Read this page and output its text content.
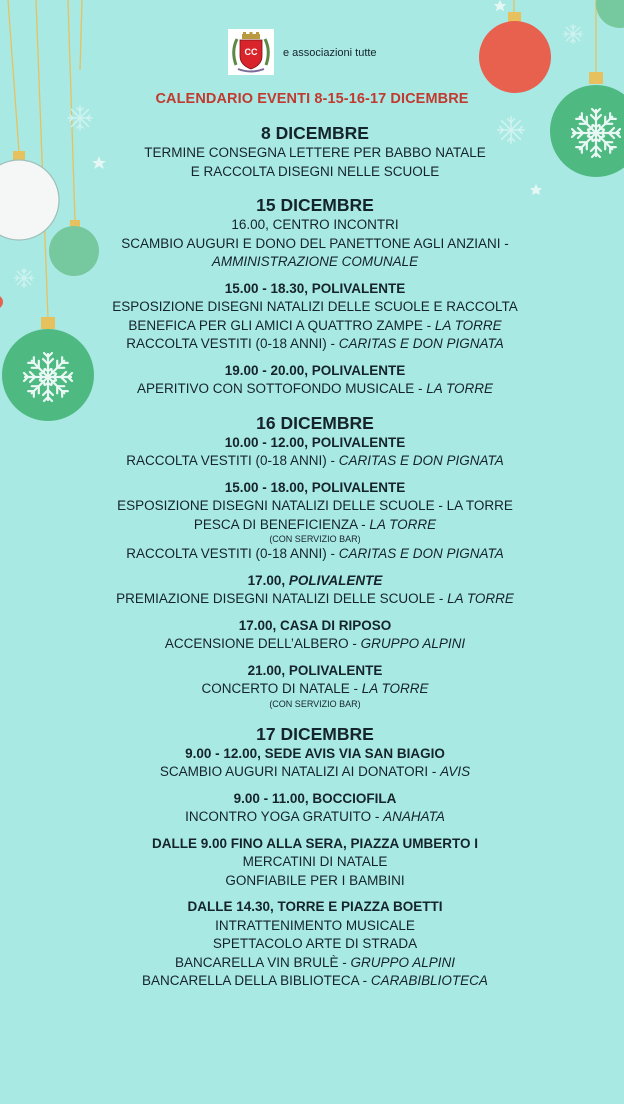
CC e associazioni tutte
CALENDARIO EVENTI 8-15-16-17 DICEMBRE
8 DICEMBRE
TERMINE CONSEGNA LETTERE PER BABBO NATALE
E RACCOLTA DISEGNI NELLE SCUOLE
15 DICEMBRE
16.00, CENTRO INCONTRI
SCAMBIO AUGURI E DONO DEL PANETTONE AGLI ANZIANI -
AMMINISTRAZIONE COMUNALE
15.00 - 18.30, POLIVALENTE
ESPOSIZIONE DISEGNI NATALIZI DELLE SCUOLE E RACCOLTA
BENEFICA PER GLI AMICI A QUATTRO ZAMPE - LA TORRE
RACCOLTA VESTITI (0-18 ANNI) - CARITAS E DON PIGNATA
19.00 - 20.00, POLIVALENTE
APERITIVO CON SOTTOFONDO MUSICALE - LA TORRE
16 DICEMBRE
10.00 - 12.00, POLIVALENTE
RACCOLTA VESTITI (0-18 ANNI) - CARITAS E DON PIGNATA
15.00 - 18.00, POLIVALENTE
ESPOSIZIONE DISEGNI NATALIZI DELLE SCUOLE - LA TORRE
PESCA DI BENEFICIENZA - LA TORRE
(CON SERVIZIO BAR)
RACCOLTA VESTITI (0-18 ANNI) - CARITAS E DON PIGNATA
17.00, POLIVALENTE
PREMIAZIONE DISEGNI NATALIZI DELLE SCUOLE - LA TORRE
17.00, CASA DI RIPOSO
ACCENSIONE DELL’ALBERO - GRUPPO ALPINI
21.00, POLIVALENTE
CONCERTO DI NATALE - LA TORRE
(CON SERVIZIO BAR)
17 DICEMBRE
9.00 - 12.00, SEDE AVIS VIA SAN BIAGIO
SCAMBIO AUGURI NATALIZI AI DONATORI - AVIS
9.00 - 11.00, BOCCIOFILA
INCONTRO YOGA GRATUITO - ANAHATA
DALLE 9.00 FINO ALLA SERA, PIAZZA UMBERTO I
MERCATINI DI NATALE
GONFIABILE PER I BAMBINI
DALLE 14.30, TORRE E PIAZZA BOETTI
INTRATTENIMENTO MUSICALE
SPETTACOLO ARTE DI STRADA
BANCARELLA VIN BRULÈ - GRUPPO ALPINI
BANCARELLA DELLA BIBLIOTECA - CARABIBLIOTECA
